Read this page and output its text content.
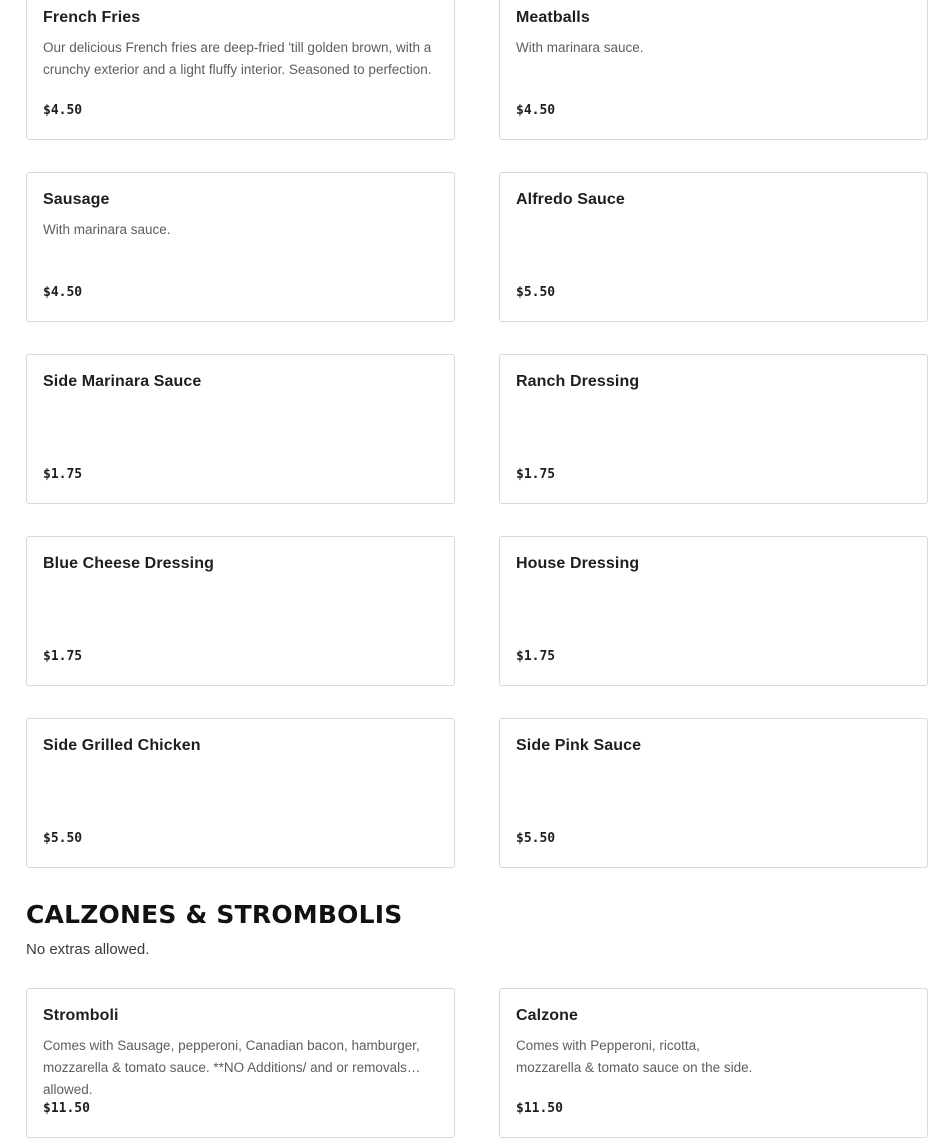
French Fries
Our delicious French fries are deep-fried 'till golden brown, with a crunchy exterior and a light fluffy interior. Seasoned to perfection.
$4.50
Meatballs
With marinara sauce.
$4.50
Sausage
With marinara sauce.
$4.50
Alfredo Sauce
$5.50
Side Marinara Sauce
$1.75
Ranch Dressing
$1.75
Blue Cheese Dressing
$1.75
House Dressing
$1.75
Side Grilled Chicken
$5.50
Side Pink Sauce
$5.50
CALZONES & STROMBOLIS
No extras allowed.
Stromboli
Comes with Sausage, pepperoni, Canadian bacon, hamburger, mozzarella & tomato sauce. **NO Additions/ and or removals allowed.
$11.50
Calzone
Comes with Pepperoni, ricotta,
mozzarella & tomato sauce on the side.
$11.50
